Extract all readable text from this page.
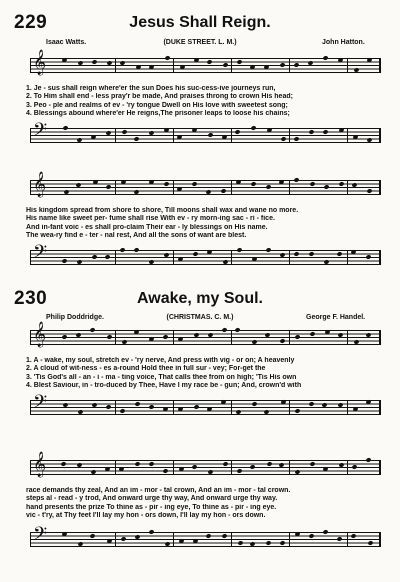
229	Jesus Shall Reign.
Isaac Watts.	(DUKE STREET. L. M.)	John Hatton.
𝄞
1. Je - sus shall reign where'er the sun Does his suc-cess-ive journeys run,
2. To Him shall end - less pray'r be made, And praises throng to crown His head;
3. Peo - ple and realms of ev - 'ry tongue Dwell on His love with sweetest song;
4. Blessings abound where'er He reigns,The prisoner leaps to loose his chains;
𝄢
𝄞
His kingdom spread from shore to shore, Till moons shall wax and wane no more.
His name like sweet per- fume shall rise With ev - ry morn-ing sac - ri - fice.
And in-fant voic - es shall pro-claim Their ear - ly blessings on His name.
The wea-ry find e - ter - nal rest, And all the sons of want are blest.
𝄢
230	Awake, my Soul.
Philip Doddridge.	(CHRISTMAS. C. M.)	George F. Handel.
𝄞
1. A - wake, my soul, stretch ev - 'ry nerve, And press with vig - or on; A heavenly
2. A cloud of wit-ness - es a-round Hold thee in full sur - vey; For-get the
3. 'Tis God's all - an - i - ma - ting voice, That calls thee from on high; 'Tis His own
4. Blest Saviour, in - tro-duced by Thee, Have I my race be - gun; And, crown'd with
𝄢
𝄞
race demands thy zeal, And an im - mor - tal crown, And an im - mor - tal crown.
steps al - read - y trod, And onward urge thy way, And onward urge thy way.
hand presents the prize To thine as - pir - ing eye, To thine as - pir - ing eye.
vic - t'ry, at Thy feet I'll lay my hon - ors down, I'll lay my hon - ors down.
𝄢
